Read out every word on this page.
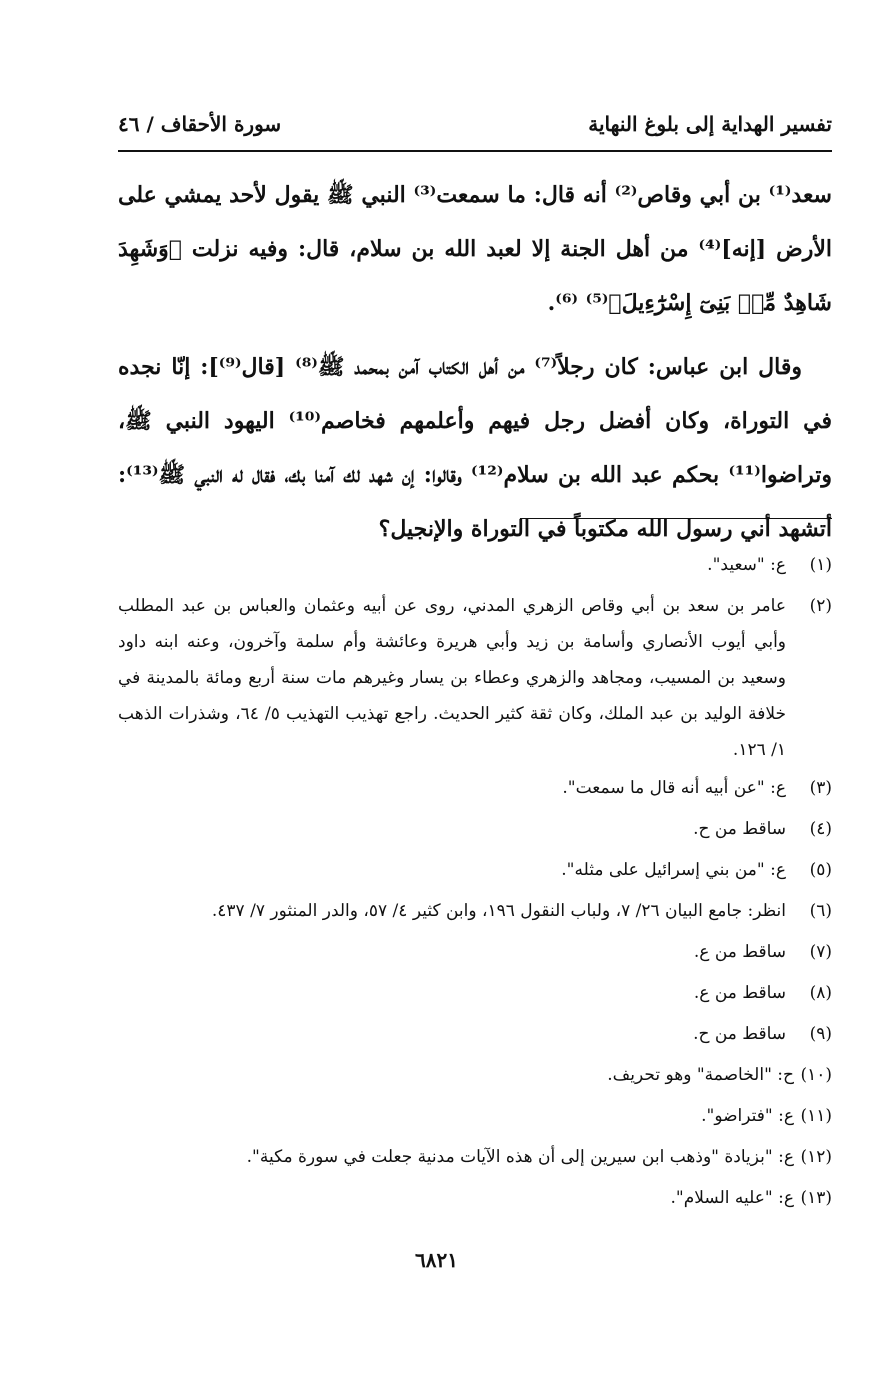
تفسير الهداية إلى بلوغ النهاية
سورة الأحقاف / ٤٦

سعد⁽¹⁾ بن أبي وقاص⁽²⁾ أنه قال: ما سمعت⁽³⁾ النبي ﷺ يقول لأحد يمشي على الأرض [إنه]⁽⁴⁾ من أهل الجنة إلا لعبد الله بن سلام، قال: وفيه نزلت ﴿وَشَهِدَ شَاهِدٌ مِّنۢ بَنِىٓ إِسْرَٰٓءِيلَ﴾⁽⁵⁾ ⁽⁶⁾.

وقال ابن عباس: كان رجلاً⁽⁷⁾ من أهل الكتاب آمن بمحمد ﷺ⁽⁸⁾ [قال⁽⁹⁾]: إنّا نجده في التوراة، وكان أفضل رجل فيهم وأعلمهم فخاصم⁽¹⁰⁾ اليهود النبي ﷺ، وتراضوا⁽¹¹⁾ بحكم عبد الله بن سلام⁽¹²⁾ وقالوا: إن شهد لك آمنا بك، فقال له النبي ﷺ⁽¹³⁾: أتشهد أني رسول الله مكتوباً في التوراة والإنجيل؟

(١)
ع: "سعيد".
(٢)
عامر بن سعد بن أبي وقاص الزهري المدني، روى عن أبيه وعثمان والعباس بن عبد المطلب وأبي أيوب الأنصاري وأسامة بن زيد وأبي هريرة وعائشة وأم سلمة وآخرون، وعنه ابنه داود وسعيد بن المسيب، ومجاهد والزهري وعطاء بن يسار وغيرهم مات سنة أربع ومائة بالمدينة في خلافة الوليد بن عبد الملك، وكان ثقة كثير الحديث. راجع تهذيب التهذيب ٥/ ٦٤، وشذرات الذهب ١/ ١٢٦.
(٣)
ع: "عن أبيه أنه قال ما سمعت".
(٤)
ساقط من ح.
(٥)
ع: "من بني إسرائيل على مثله".
(٦)
انظر: جامع البيان ٢٦/ ٧، ولباب النقول ١٩٦، وابن كثير ٤/ ٥٧، والدر المنثور ٧/ ٤٣٧.
(٧)
ساقط من ع.
(٨)
ساقط من ع.
(٩)
ساقط من ح.
(١٠)
ح: "الخاصمة" وهو تحريف.
(١١)
ع: "فتراضو".
(١٢)
ع: "بزيادة "وذهب ابن سيرين إلى أن هذه الآيات مدنية جعلت في سورة مكية".
(١٣)
ع: "عليه السلام".
٦٨٢١
